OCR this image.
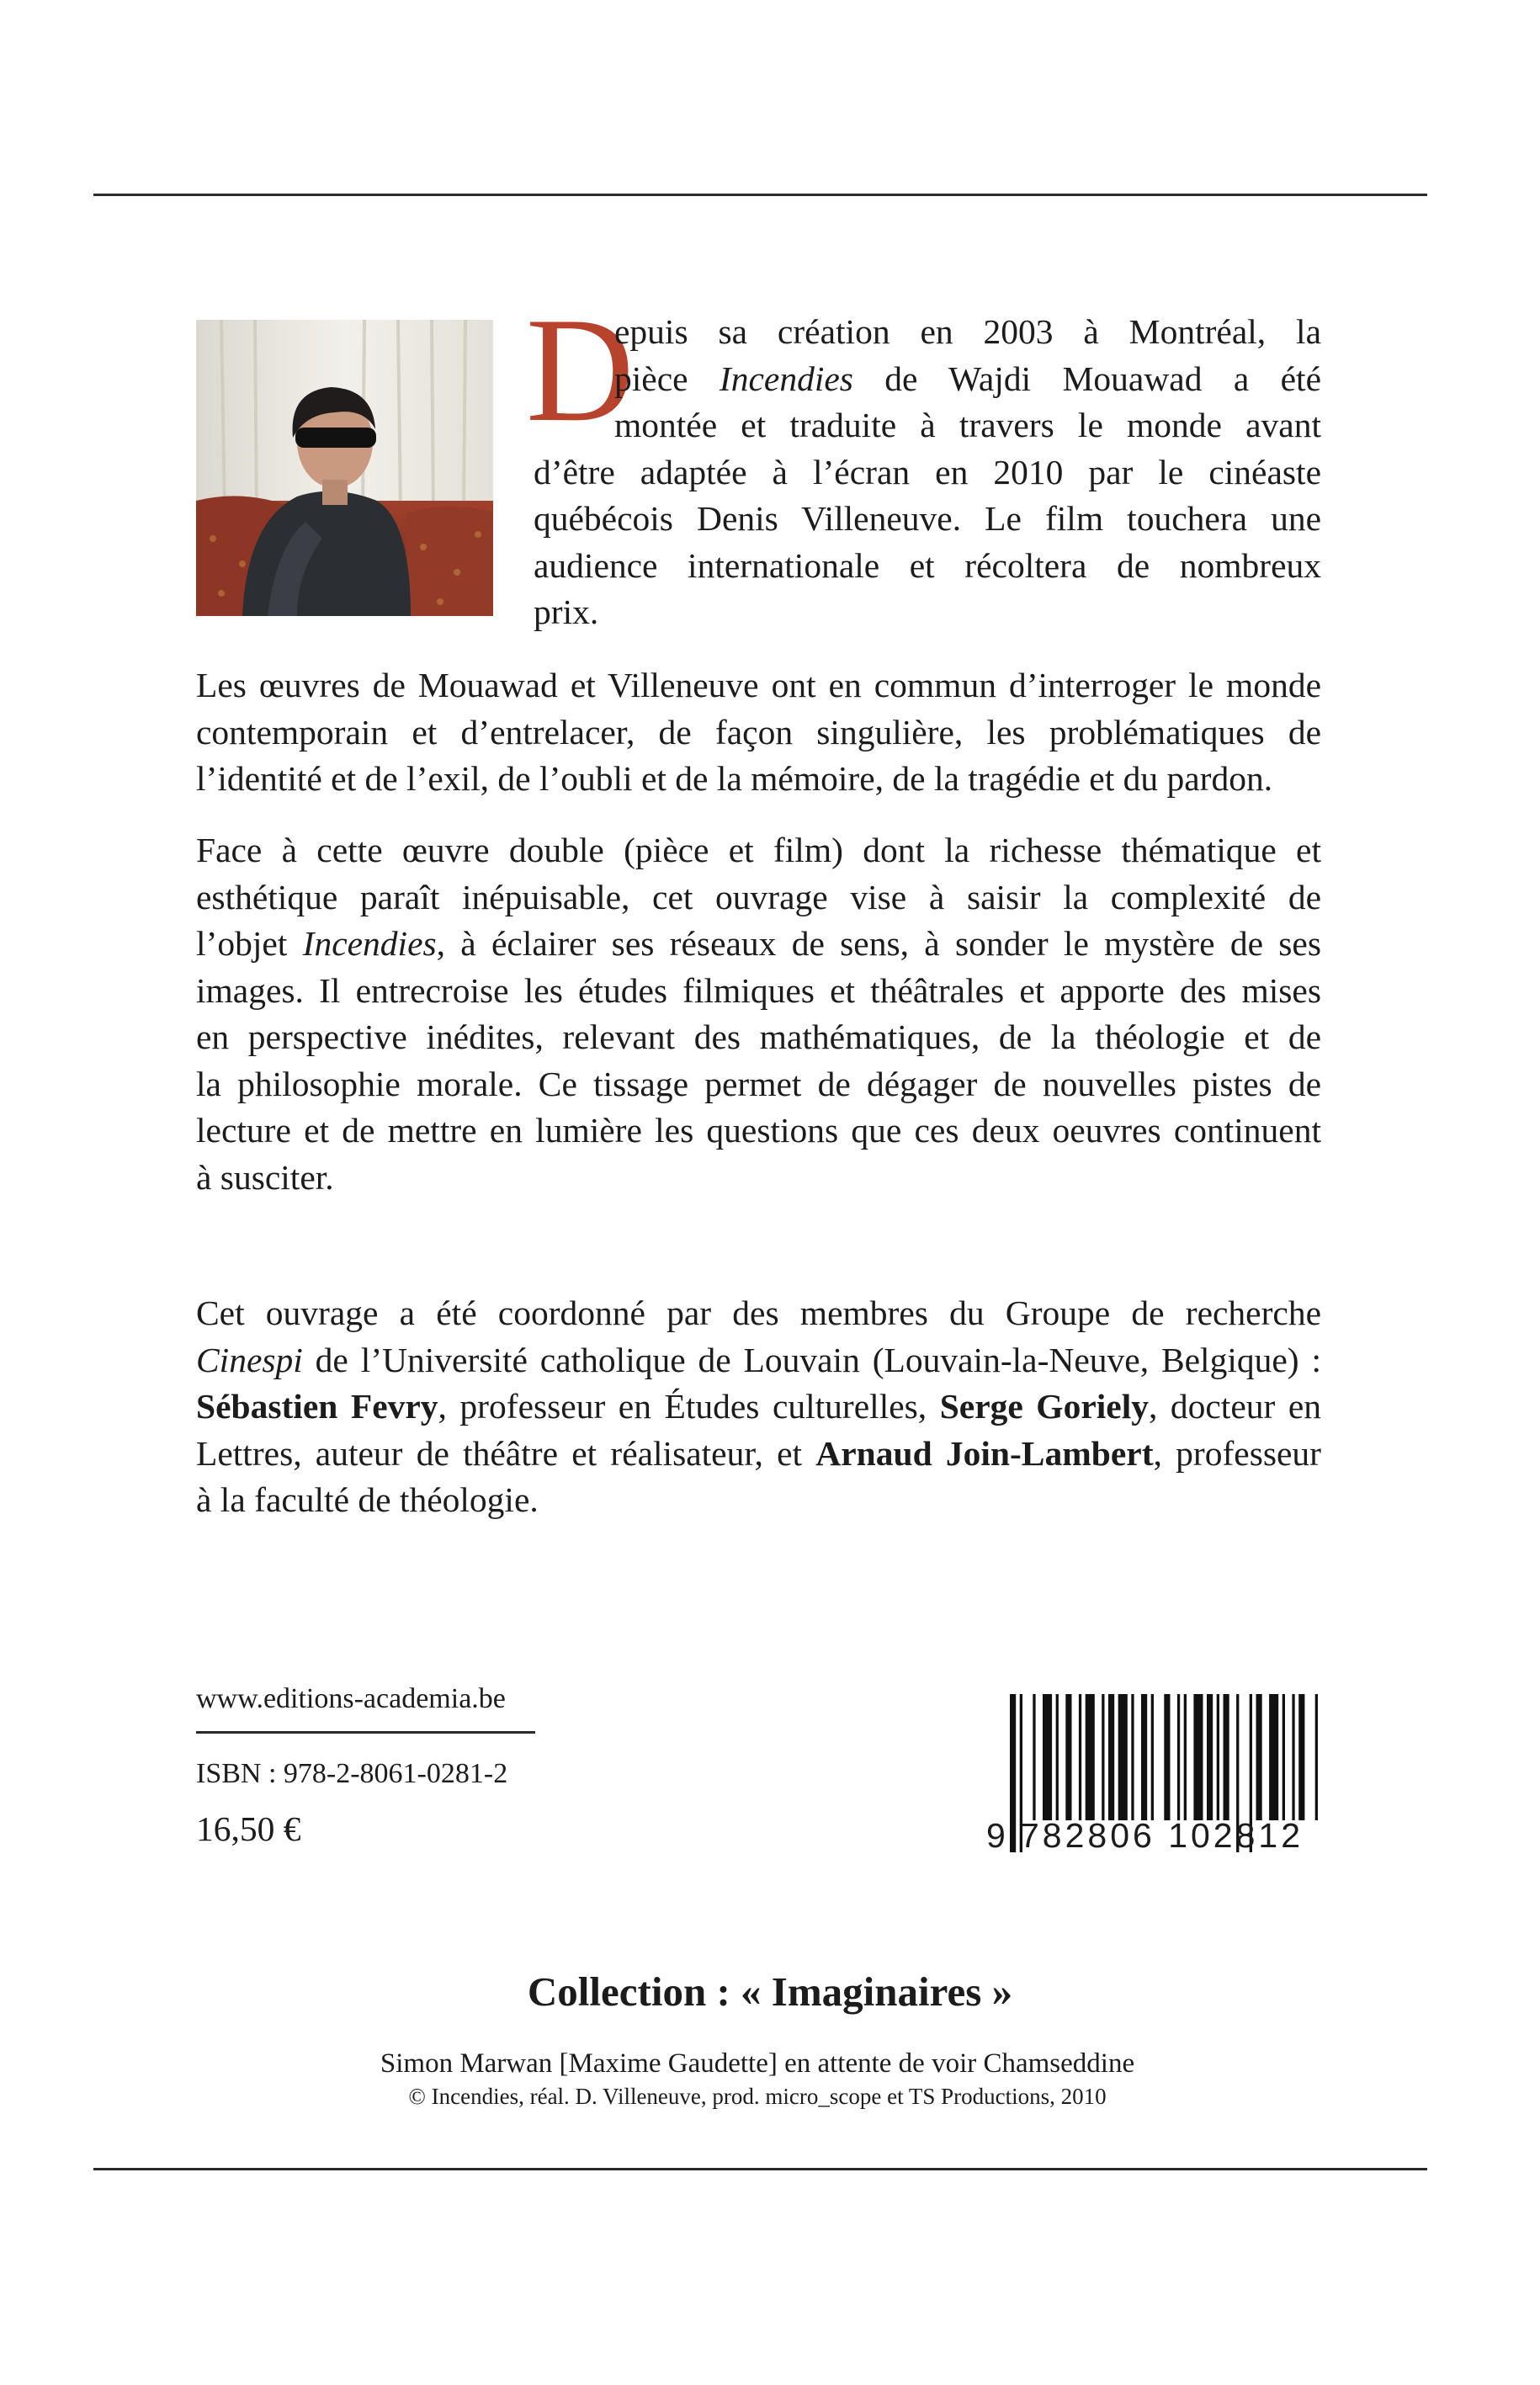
D
epuis sa création en 2003 à Montréal, la
pièce Incendies de Wajdi Mouawad a été
montée et traduite à travers le monde avant
d’être adaptée à l’écran en 2010 par le cinéaste
québécois Denis Villeneuve. Le film touchera une
audience internationale et récoltera de nombreux
prix.
Les œuvres de Mouawad et Villeneuve ont en commun d’interroger le monde
contemporain et d’entrelacer, de façon singulière, les problématiques de
l’identité et de l’exil, de l’oubli et de la mémoire, de la tragédie et du pardon.
Face à cette œuvre double (pièce et film) dont la richesse thématique et
esthétique paraît inépuisable, cet ouvrage vise à saisir la complexité de
l’objet Incendies, à éclairer ses réseaux de sens, à sonder le mystère de ses
images. Il entrecroise les études filmiques et théâtrales et apporte des mises
en perspective inédites, relevant des mathématiques, de la théologie et de
la philosophie morale. Ce tissage permet de dégager de nouvelles pistes de
lecture et de mettre en lumière les questions que ces deux oeuvres continuent
à susciter.
Cet ouvrage a été coordonné par des membres du Groupe de recherche
Cinespi de l’Université catholique de Louvain (Louvain-la-Neuve, Belgique) :
Sébastien Fevry, professeur en Études culturelles, Serge Goriely, docteur en
Lettres, auteur de théâtre et réalisateur, et Arnaud Join-Lambert, professeur
à la faculté de théologie.
www.editions-academia.be
ISBN : 978-2-8061-0281-2
16,50 €	9 782806 102812
Collection : « Imaginaires »
Simon Marwan [Maxime Gaudette] en attente de voir Chamseddine
© Incendies, réal. D. Villeneuve, prod. micro_scope et TS Productions, 2010
